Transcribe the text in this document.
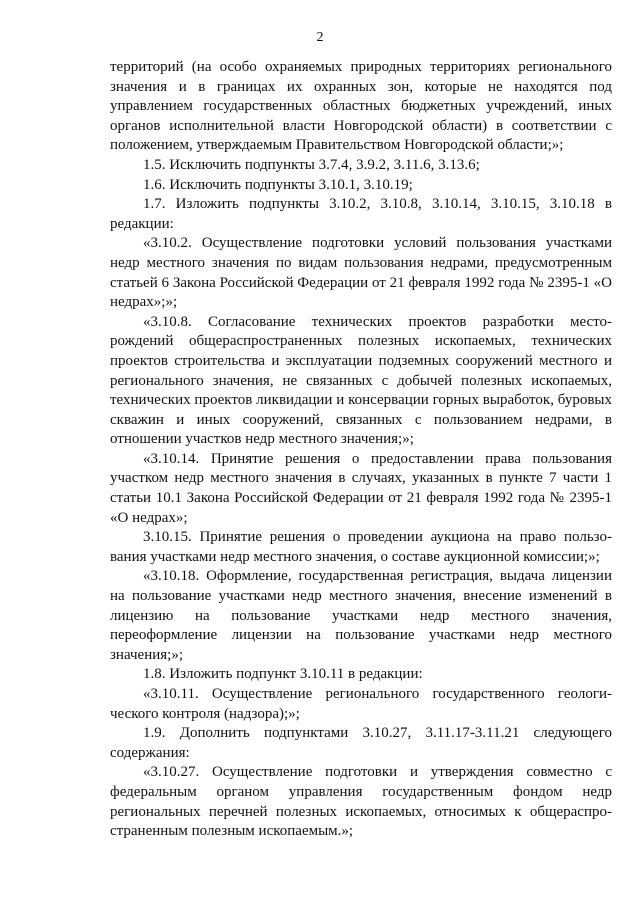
2

территорий (на особо охраняемых природных территориях регионального значения и в границах их охранных зон, которые не находятся под управлением государственных областных бюджетных учреждений, иных органов исполнительной власти Новгородской области) в соответствии с положением, утверждаемым Правительством Новгородской области;»;

1.5. Исключить подпункты 3.7.4, 3.9.2, 3.11.6, 3.13.6;

1.6. Исключить подпункты 3.10.1, 3.10.19;

1.7. Изложить подпункты 3.10.2, 3.10.8, 3.10.14, 3.10.15, 3.10.18 в редакции:

«3.10.2. Осуществление подготовки условий пользования участками недр местного значения по видам пользования недрами, предусмотренным статьей 6 Закона Российской Федерации от 21 февраля 1992 года № 2395-1 «О недрах»;»;

«3.10.8. Согласование технических проектов разработки место-рождений общераспространенных полезных ископаемых, технических проектов строительства и эксплуатации подземных сооружений местного и регионального значения, не связанных с добычей полезных ископаемых, технических проектов ликвидации и консервации горных выработок, буровых скважин и иных сооружений, связанных с пользованием недрами, в отношении участков недр местного значения;»;

«3.10.14. Принятие решения о предоставлении права пользования участком недр местного значения в случаях, указанных в пункте 7 части 1 статьи 10.1 Закона Российской Федерации от 21 февраля 1992 года № 2395-1 «О недрах»;

3.10.15. Принятие решения о проведении аукциона на право пользо-вания участками недр местного значения, о составе аукционной комиссии;»;

«3.10.18. Оформление, государственная регистрация, выдача лицензии на пользование участками недр местного значения, внесение изменений в лицензию на пользование участками недр местного значения, переоформление лицензии на пользование участками недр местного значения;»;

1.8. Изложить подпункт 3.10.11 в редакции:

«3.10.11. Осуществление регионального государственного геологи-ческого контроля (надзора);»;

1.9. Дополнить подпунктами 3.10.27, 3.11.17-3.11.21 следующего содержания:

«3.10.27. Осуществление подготовки и утверждения совместно с федеральным органом управления государственным фондом недр региональных перечней полезных ископаемых, относимых к общераспро-страненным полезным ископаемым.»;
